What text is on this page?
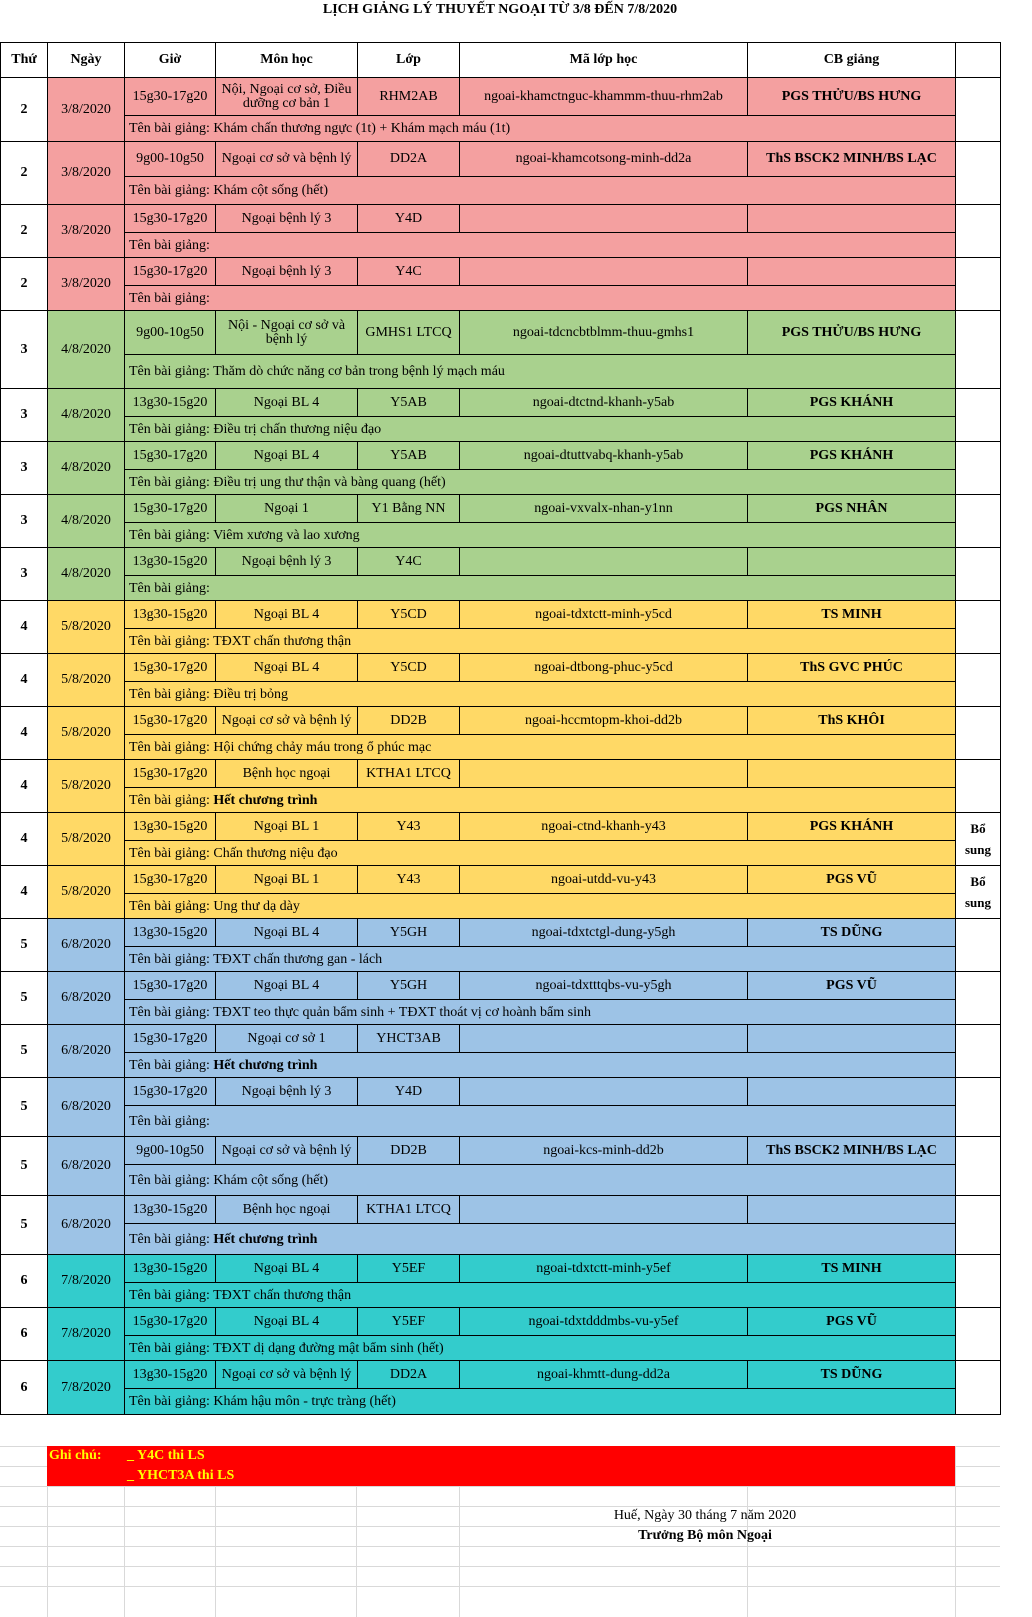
LỊCH GIẢNG LÝ THUYẾT NGOẠI TỪ 3/8 ĐẾN 7/8/2020
Thứ	Ngày	Giờ	Môn học	Lớp	Mã lớp học	CB giảng	
2	3/8/2020	15g30-17g20	Nội, Ngoại cơ sở, Điều dưỡng cơ bản 1	RHM2AB	ngoai-khamctnguc-khammm-thuu-rhm2ab	PGS THỬU/BS HƯNG	
		Tên bài giảng: Khám chấn thương ngực (1t) + Khám mạch máu (1t)					
2	3/8/2020	9g00-10g50	Ngoại cơ sở và bệnh lý	DD2A	ngoai-khamcotsong-minh-dd2a	ThS BSCK2 MINH/BS LẠC	
		Tên bài giảng: Khám cột sống (hết)					
2	3/8/2020	15g30-17g20	Ngoại bệnh lý 3	Y4D			
		Tên bài giảng:					
2	3/8/2020	15g30-17g20	Ngoại bệnh lý 3	Y4C			
		Tên bài giảng:					
3	4/8/2020	9g00-10g50	Nội - Ngoại cơ sở và bệnh lý	GMHS1 LTCQ	ngoai-tdcncbtblmm-thuu-gmhs1	PGS THỬU/BS HƯNG	
		Tên bài giảng: Thăm dò chức năng cơ bản trong bệnh lý mạch máu					
3	4/8/2020	13g30-15g20	Ngoại BL 4	Y5AB	ngoai-dtctnd-khanh-y5ab	PGS KHÁNH	
		Tên bài giảng: Điều trị chấn thương niệu đạo					
3	4/8/2020	15g30-17g20	Ngoại BL 4	Y5AB	ngoai-dtuttvabq-khanh-y5ab	PGS KHÁNH	
		Tên bài giảng: Điều trị ung thư thận và bàng quang (hết)					
3	4/8/2020	15g30-17g20	Ngoại 1	Y1 Bằng NN	ngoai-vxvalx-nhan-y1nn	PGS NHÂN	
		Tên bài giảng: Viêm xương và lao xương					
3	4/8/2020	13g30-15g20	Ngoại bệnh lý 3	Y4C			
		Tên bài giảng:					
4	5/8/2020	13g30-15g20	Ngoại BL 4	Y5CD	ngoai-tdxtctt-minh-y5cd	TS MINH	
		Tên bài giảng: TĐXT chấn thương thận					
4	5/8/2020	15g30-17g20	Ngoại BL 4	Y5CD	ngoai-dtbong-phuc-y5cd	ThS GVC PHÚC	
		Tên bài giảng: Điều trị bỏng					
4	5/8/2020	15g30-17g20	Ngoại cơ sở và bệnh lý	DD2B	ngoai-hccmtopm-khoi-dd2b	ThS KHÔI	
		Tên bài giảng: Hội chứng chảy máu trong ổ phúc mạc					
4	5/8/2020	15g30-17g20	Bệnh học ngoại	KTHA1 LTCQ			
		Tên bài giảng: Hết chương trình					
4	5/8/2020	13g30-15g20	Ngoại BL 1	Y43	ngoai-ctnd-khanh-y43	PGS KHÁNH	Bổ sung
		Tên bài giảng: Chấn thương niệu đạo					
4	5/8/2020	15g30-17g20	Ngoại BL 1	Y43	ngoai-utdd-vu-y43	PGS VŨ	Bổ sung
		Tên bài giảng: Ung thư dạ dày					
5	6/8/2020	13g30-15g20	Ngoại BL 4	Y5GH	ngoai-tdxtctgl-dung-y5gh	TS DŨNG	
		Tên bài giảng: TĐXT chấn thương gan - lách					
5	6/8/2020	15g30-17g20	Ngoại BL 4	Y5GH	ngoai-tdxtttqbs-vu-y5gh	PGS VŨ	
		Tên bài giảng: TĐXT teo thực quản bẩm sinh + TĐXT thoát vị cơ hoành bẩm sinh					
5	6/8/2020	15g30-17g20	Ngoại cơ sở 1	YHCT3AB			
		Tên bài giảng: Hết chương trình					
5	6/8/2020	15g30-17g20	Ngoại bệnh lý 3	Y4D			
		Tên bài giảng:					
5	6/8/2020	9g00-10g50	Ngoại cơ sở và bệnh lý	DD2B	ngoai-kcs-minh-dd2b	ThS BSCK2 MINH/BS LẠC	
		Tên bài giảng: Khám cột sống (hết)					
5	6/8/2020	13g30-15g20	Bệnh học ngoại	KTHA1 LTCQ			
		Tên bài giảng: Hết chương trình					
6	7/8/2020	13g30-15g20	Ngoại BL 4	Y5EF	ngoai-tdxtctt-minh-y5ef	TS MINH	
		Tên bài giảng: TĐXT chấn thương thận					
6	7/8/2020	15g30-17g20	Ngoại BL 4	Y5EF	ngoai-tdxtdddmbs-vu-y5ef	PGS VŨ	
		Tên bài giảng: TĐXT dị dạng đường mật bẩm sinh (hết)					
6	7/8/2020	13g30-15g20	Ngoại cơ sở và bệnh lý	DD2A	ngoai-khmtt-dung-dd2a	TS DŨNG	
		Tên bài giảng: Khám hậu môn - trực tràng (hết)					
Ghi chú: _ Y4C thi LS
_ YHCT3A thi LS
Huế, Ngày 30 tháng 7 năm 2020
Trưởng Bộ môn Ngoại
